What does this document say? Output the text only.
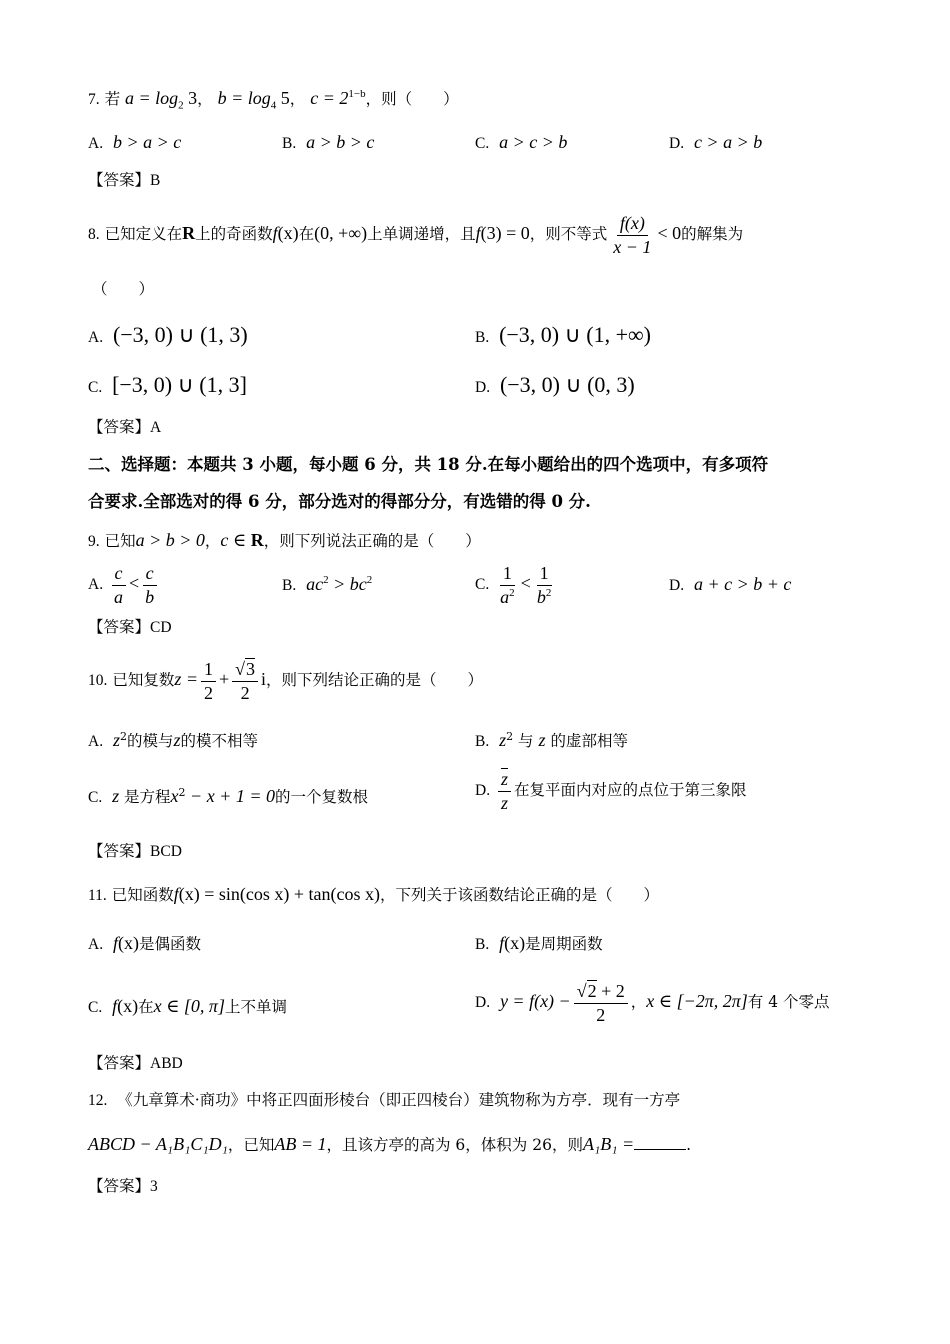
7. 若 $a = \log_2 3$， $b = \log_4 5$， $c = 2^{1-b}$，则（　　）
A. b > a > c	B. a > b > c	C. a > c > b	D. c > a > b
【答案】B
8. 已知定义在R上的奇函数f(x)在(0, +∞)上单调递增，且f(3) = 0，则不等式 $\frac{f(x)}{x - 1} < 0$的解集为
（　　）
A. (−3, 0) ∪ (1, 3)	B. (−3, 0) ∪ (1, +∞)
C. [−3, 0) ∪ (1, 3]	D. (−3, 0) ∪ (0, 3)
【答案】A
二、选择题：本题共 3 小题，每小题 6 分，共 18 分.在每小题给出的四个选项中，有多项符
合要求.全部选对的得 6 分，部分选对的得部分分，有选错的得 0 分.
9. 已知a > b > 0，c ∈ R，则下列说法正确的是（　　）
A. $\frac{c}{a} < \frac{c}{b}$	B. $ac^2 > bc^2$	C. $\frac{1}{a^2} < \frac{1}{b^2}$	D. a + c > b + c
【答案】CD
10. 已知复数$z = \frac{1}{2} + \frac{√3}{2}$ i，则下列结论正确的是（　　）
A. $z^2$的模与z的模不相等	B. $z^2$ 与 z 的虚部相等
C. z 是方程$x^2 - x + 1 = 0$的一个复数根	D. $\frac{\overline{z}}{z}$ 在复平面内对应的点位于第三象限
【答案】BCD
11. 已知函数f(x) = sin(cos x) + tan(cos x)，下列关于该函数结论正确的是（　　）
A. f(x)是偶函数	B. f(x)是周期函数
C. f(x)在x ∈ [0, π]上不单调	D. $y = f(x) - \frac{√2 + 2}{2}$ ，x ∈ [−2π, 2π]有 4 个零点
【答案】ABD
12. 《九章算术·商功》中将正四面形棱台（即正四棱台）建筑物称为方亭．现有一方亭
ABCD − A₁B₁C₁D₁，已知AB = 1，且该方亭的高为 6，体积为 26，则A₁B₁ =	.
【答案】3
